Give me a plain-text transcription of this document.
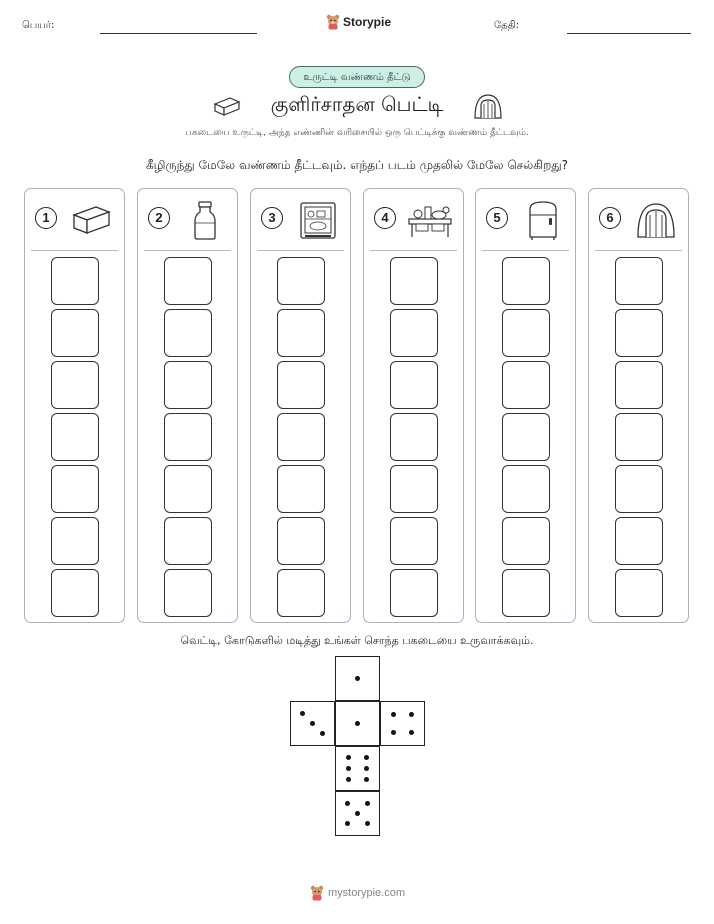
பெயர்:	Storypie	தேதி:
உருட்டி வண்ணம் தீட்டு
குளிர்சாதன பெட்டி
பகடையை உருட்டி, அந்த எண்ணின் வரிசையில் ஒரு பெட்டிக்கு வண்ணம் தீட்டவும்.
கீழிருந்து மேலே வண்ணம் தீட்டவும். எந்தப் படம் முதலில் மேலே செல்கிறது?
1	2	3	4	5	6
வெட்டி, கோடுகளில் மடித்து உங்கள் சொந்த பகடையை உருவாக்கவும்.
mystorypie.com
